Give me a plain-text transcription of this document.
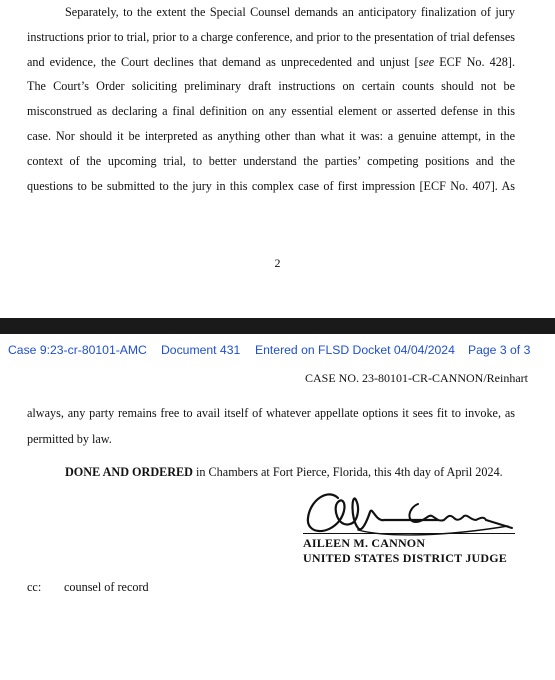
Separately, to the extent the Special Counsel demands an anticipatory finalization of jury
instructions prior to trial, prior to a charge conference, and prior to the presentation of trial defenses
and evidence, the Court declines that demand as unprecedented and unjust [see ECF No. 428].
The Court’s Order soliciting preliminary draft instructions on certain counts should not be
misconstrued as declaring a final definition on any essential element or asserted defense in this
case. Nor should it be interpreted as anything other than what it was: a genuine attempt, in the
context of the upcoming trial, to better understand the parties’ competing positions and the
questions to be submitted to the jury in this complex case of first impression [ECF No. 407]. As

2
Case 9:23-cr-80101-AMC Document 431 Entered on FLSD Docket 04/04/2024 Page 3 of 3
CASE NO. 23-80101-CR-CANNON/Reinhart

always, any party remains free to avail itself of whatever appellate options it sees fit to invoke, as
permitted by law.

DONE AND ORDERED in Chambers at Fort Pierce, Florida, this 4th day of April 2024.
AILEEN M. CANNON
UNITED STATES DISTRICT JUDGE
cc: counsel of record
